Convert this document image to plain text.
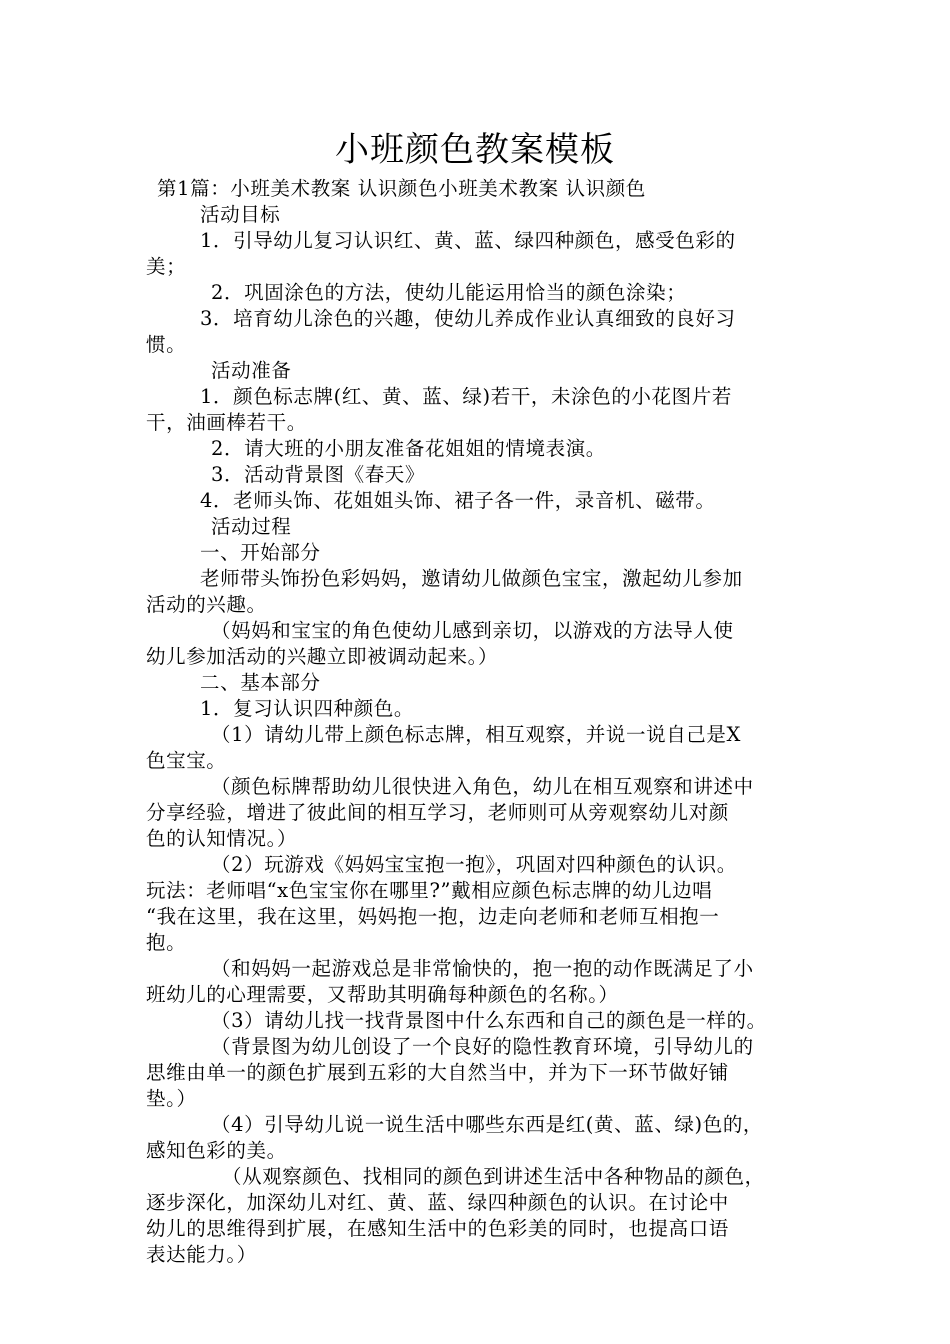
小班颜色教案模板
第1篇：小班美术教案 认识颜色小班美术教案 认识颜色
活动目标
1．引导幼儿复习认识红、黄、蓝、绿四种颜色，感受色彩的
美；
2．巩固涂色的方法，使幼儿能运用恰当的颜色涂染；
3．培育幼儿涂色的兴趣，使幼儿养成作业认真细致的良好习
惯。
活动准备
1．颜色标志牌(红、黄、蓝、绿)若干，未涂色的小花图片若
干，油画棒若干。
2．请大班的小朋友准备花姐姐的情境表演。
3．活动背景图《春天》
4．老师头饰、花姐姐头饰、裙子各一件，录音机、磁带。
活动过程
一、开始部分
老师带头饰扮色彩妈妈，邀请幼儿做颜色宝宝，激起幼儿参加
活动的兴趣。
（妈妈和宝宝的角色使幼儿感到亲切，以游戏的方法导人使
幼儿参加活动的兴趣立即被调动起来。）
二、基本部分
1．复习认识四种颜色。
（1）请幼儿带上颜色标志牌，相互观察，并说一说自己是X
色宝宝。
（颜色标牌帮助幼儿很快进入角色，幼儿在相互观察和讲述中
分享经验，增进了彼此间的相互学习，老师则可从旁观察幼儿对颜
色的认知情况。）
（2）玩游戏《妈妈宝宝抱一抱》，巩固对四种颜色的认识。
玩法：老师唱“x色宝宝你在哪里?”戴相应颜色标志牌的幼儿边唱
“我在这里，我在这里，妈妈抱一抱，边走向老师和老师互相抱一
抱。
（和妈妈一起游戏总是非常愉快的，抱一抱的动作既满足了小
班幼儿的心理需要，又帮助其明确每种颜色的名称。）
（3）请幼儿找一找背景图中什么东西和自己的颜色是一样的。
（背景图为幼儿创设了一个良好的隐性教育环境，引导幼儿的
思维由单一的颜色扩展到五彩的大自然当中，并为下一环节做好铺
垫。）
（4）引导幼儿说一说生活中哪些东西是红(黄、蓝、绿)色的，
感知色彩的美。
（从观察颜色、找相同的颜色到讲述生活中各种物品的颜色，
逐步深化，加深幼儿对红、黄、蓝、绿四种颜色的认识。在讨论中
幼儿的思维得到扩展，在感知生活中的色彩美的同时，也提高口语
表达能力。）
